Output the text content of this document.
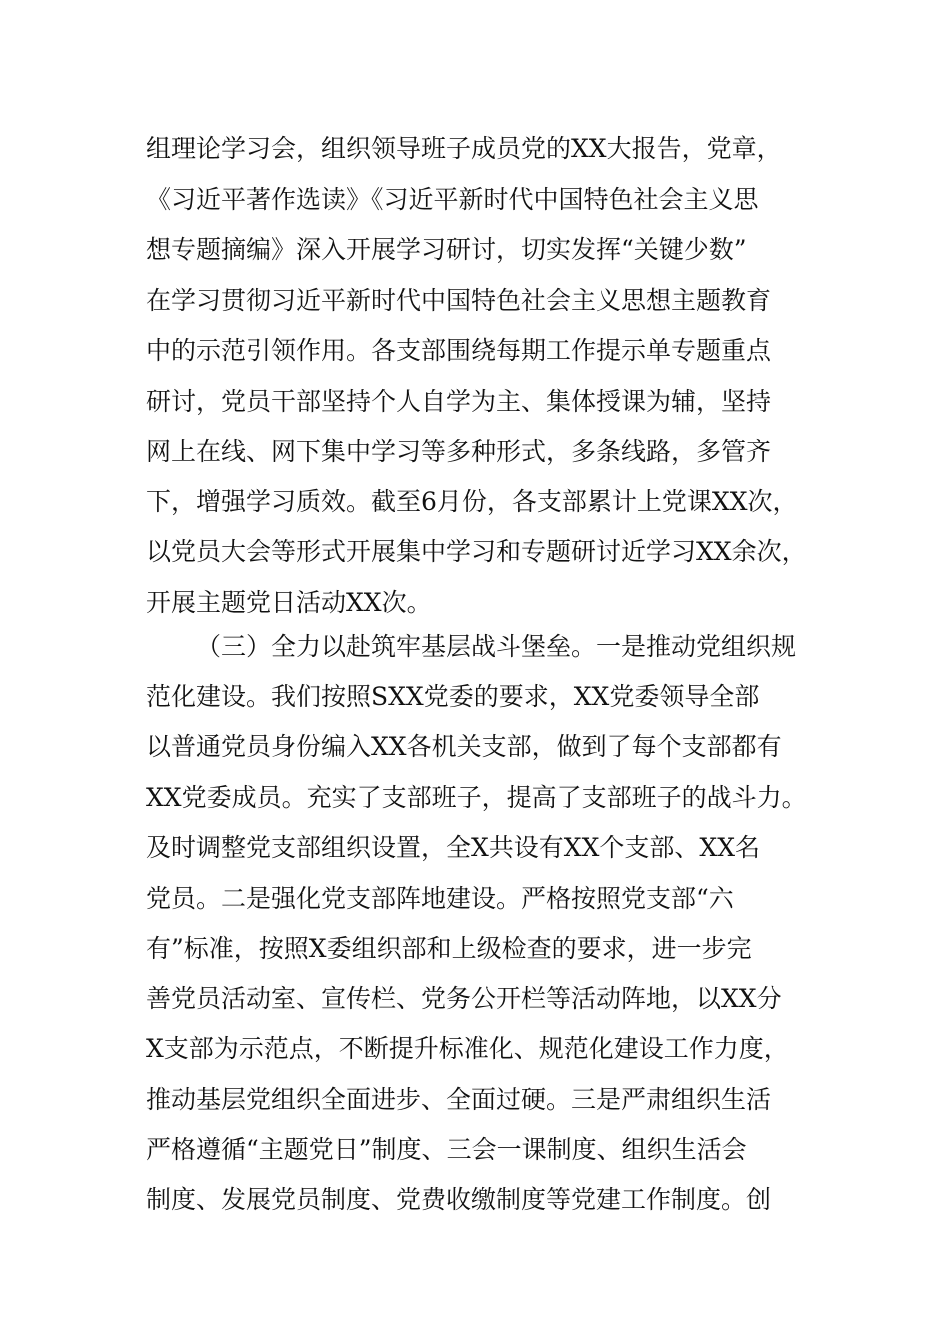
组理论学习会，组织领导班子成员党的XX大报告，党章，
《习近平著作选读》《习近平新时代中国特色社会主义思
想专题摘编》深入开展学习研讨，切实发挥“关键少数”
在学习贯彻习近平新时代中国特色社会主义思想主题教育
中的示范引领作用。各支部围绕每期工作提示单专题重点
研讨，党员干部坚持个人自学为主、集体授课为辅，坚持
网上在线、网下集中学习等多种形式，多条线路，多管齐
下，增强学习质效。截至6月份，各支部累计上党课XX次，
以党员大会等形式开展集中学习和专题研讨近学习XX余次，
开展主题党日活动XX次。
（三）全力以赴筑牢基层战斗堡垒。一是推动党组织规
范化建设。我们按照SXX党委的要求，XX党委领导全部
以普通党员身份编入XX各机关支部，做到了每个支部都有
XX党委成员。充实了支部班子，提高了支部班子的战斗力。
及时调整党支部组织设置，全X共设有XX个支部、XX名
党员。二是强化党支部阵地建设。严格按照党支部“六
有”标准，按照X委组织部和上级检查的要求，进一步完
善党员活动室、宣传栏、党务公开栏等活动阵地，以XX分
X支部为示范点，不断提升标准化、规范化建设工作力度，
推动基层党组织全面进步、全面过硬。三是严肃组织生活
严格遵循“主题党日”制度、三会一课制度、组织生活会
制度、发展党员制度、党费收缴制度等党建工作制度。创
